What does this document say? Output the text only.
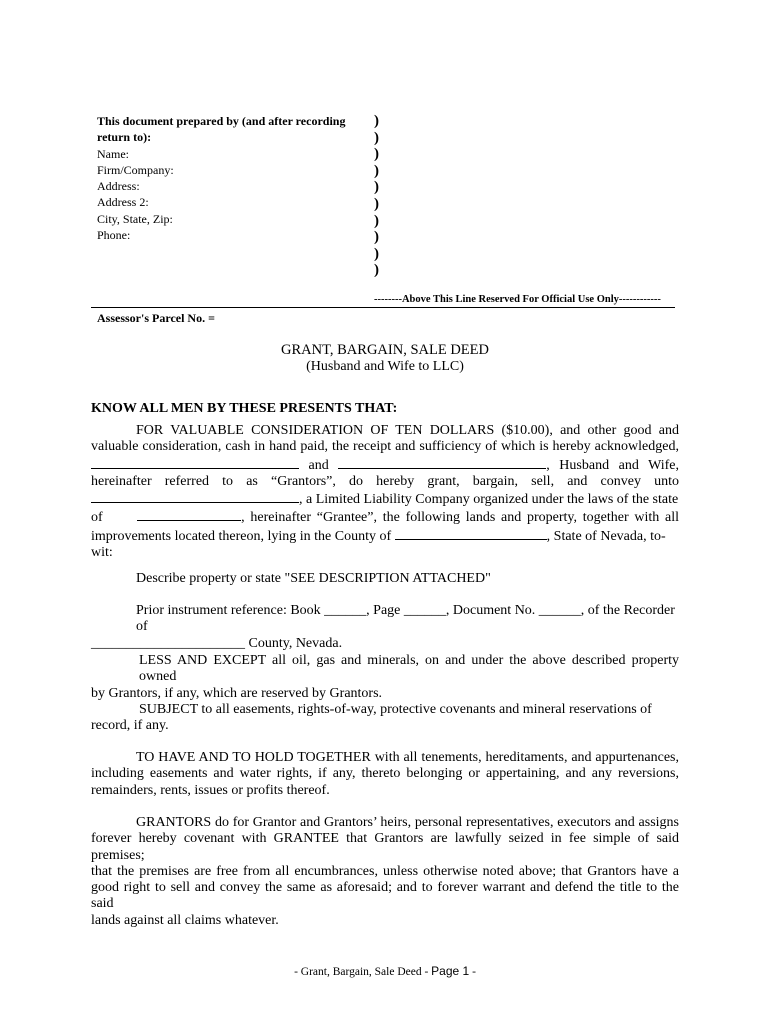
This document prepared by (and after recording
return to):
Name:
Firm/Company:
Address:
Address 2:
City, State, Zip:
Phone:
)
)
)
)
)
)
)
)
)
)
--------Above This Line Reserved For Official Use Only------------
Assessor's Parcel No. =
GRANT, BARGAIN, SALE DEED
(Husband and Wife to LLC)
KNOW ALL MEN BY THESE PRESENTS THAT:
FOR VALUABLE CONSIDERATION OF TEN DOLLARS ($10.00), and other good and
valuable consideration, cash in hand paid, the receipt and sufficiency of which is hereby acknowledged,
and	, Husband and Wife,
hereinafter referred to as “Grantors”, do hereby grant, bargain, sell, and convey unto
, a Limited Liability Company organized under the laws of the state
of	, hereinafter “Grantee”, the following lands and property, together with all
improvements located thereon, lying in the County of	, State of Nevada, to-
wit:
Describe property or state "SEE DESCRIPTION ATTACHED"
Prior instrument reference: Book ______, Page ______, Document No. ______, of the Recorder of
______________________ County, Nevada.
LESS AND EXCEPT all oil, gas and minerals, on and under the above described property owned
by Grantors, if any, which are reserved by Grantors.
SUBJECT to all easements, rights-of-way, protective covenants and mineral reservations of
record, if any.
TO HAVE AND TO HOLD TOGETHER with all tenements, hereditaments, and appurtenances,
including easements and water rights, if any, thereto belonging or appertaining, and any reversions,
remainders, rents, issues or profits thereof.
GRANTORS do for Grantor and Grantors’ heirs, personal representatives, executors and assigns
forever hereby covenant with GRANTEE that Grantors are lawfully seized in fee simple of said premises;
that the premises are free from all encumbrances, unless otherwise noted above; that Grantors have a
good right to sell and convey the same as aforesaid; and to forever warrant and defend the title to the said
lands against all claims whatever.
- Grant, Bargain, Sale Deed - Page 1 -
